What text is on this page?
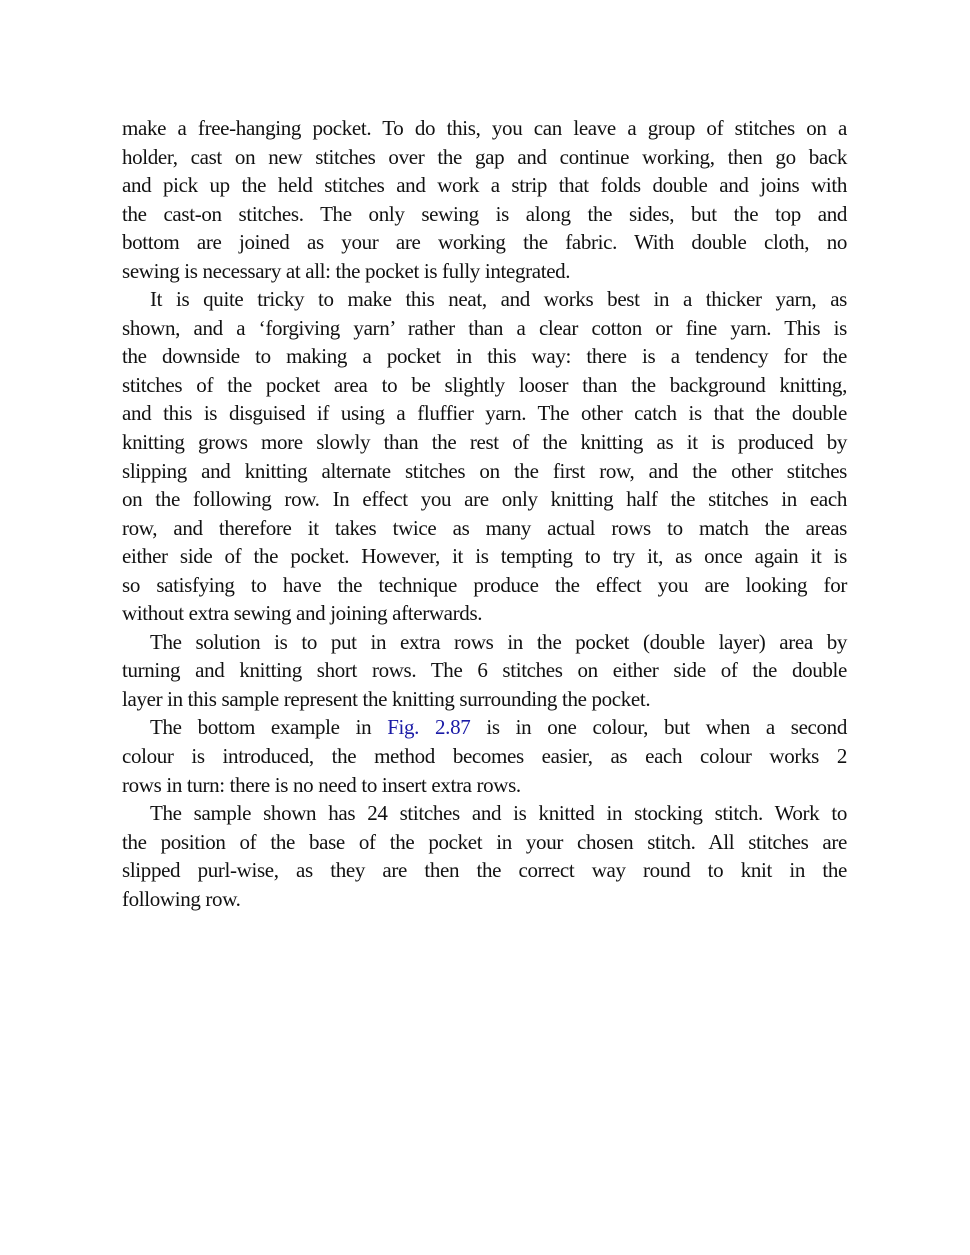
make a free-hanging pocket. To do this, you can leave a group of stitches on a
holder, cast on new stitches over the gap and continue working, then go back
and pick up the held stitches and work a strip that folds double and joins with
the cast-on stitches. The only sewing is along the sides, but the top and
bottom are joined as your are working the fabric. With double cloth, no
sewing is necessary at all: the pocket is fully integrated.
It is quite tricky to make this neat, and works best in a thicker yarn, as
shown, and a ‘forgiving yarn’ rather than a clear cotton or fine yarn. This is
the downside to making a pocket in this way: there is a tendency for the
stitches of the pocket area to be slightly looser than the background knitting,
and this is disguised if using a fluffier yarn. The other catch is that the double
knitting grows more slowly than the rest of the knitting as it is produced by
slipping and knitting alternate stitches on the first row, and the other stitches
on the following row. In effect you are only knitting half the stitches in each
row, and therefore it takes twice as many actual rows to match the areas
either side of the pocket. However, it is tempting to try it, as once again it is
so satisfying to have the technique produce the effect you are looking for
without extra sewing and joining afterwards.
The solution is to put in extra rows in the pocket (double layer) area by
turning and knitting short rows. The 6 stitches on either side of the double
layer in this sample represent the knitting surrounding the pocket.
The bottom example in Fig. 2.87 is in one colour, but when a second
colour is introduced, the method becomes easier, as each colour works 2
rows in turn: there is no need to insert extra rows.
The sample shown has 24 stitches and is knitted in stocking stitch. Work to
the position of the base of the pocket in your chosen stitch. All stitches are
slipped purl-wise, as they are then the correct way round to knit in the
following row.
